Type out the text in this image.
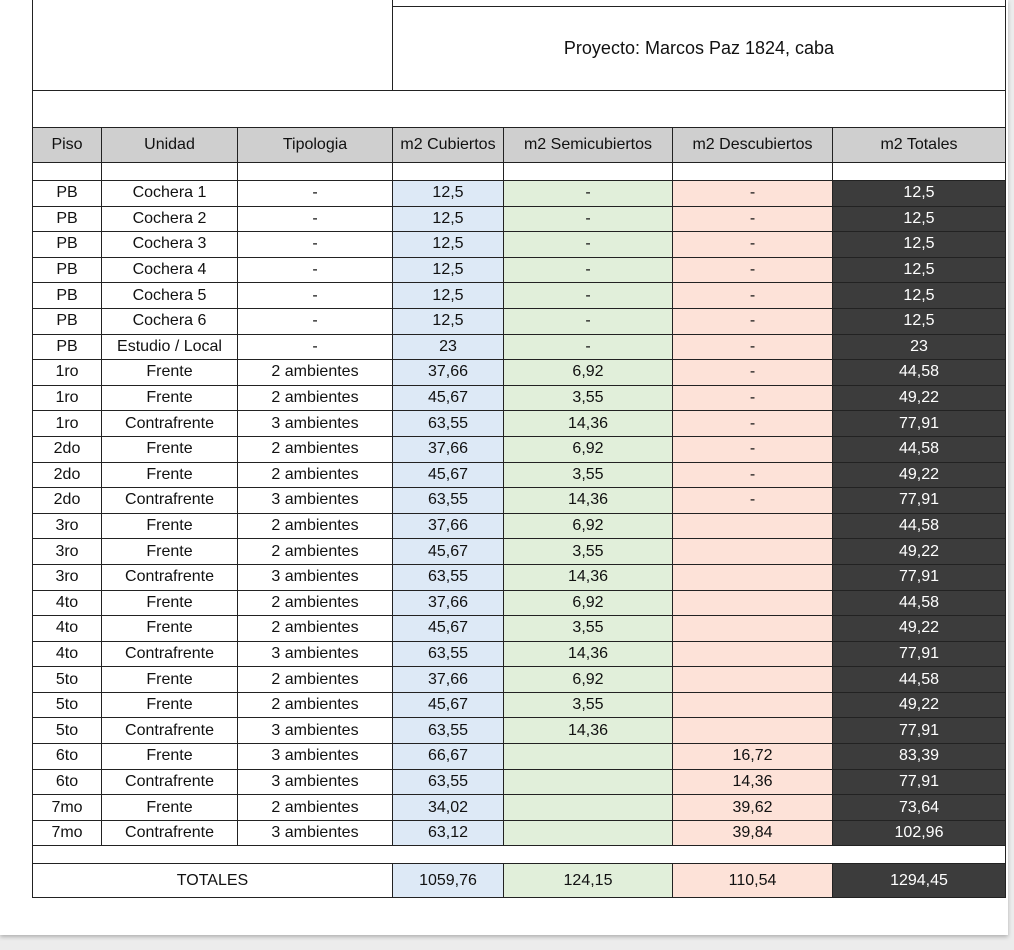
Proyecto: Marcos Paz 1824, caba
Piso	Unidad	Tipologia	m2 Cubiertos	m2 Semicubiertos	m2 Descubiertos	m2 Totales

PB	Cochera 1	-	12,5	-	-	12,5
PB	Cochera 2	-	12,5	-	-	12,5
PB	Cochera 3	-	12,5	-	-	12,5
PB	Cochera 4	-	12,5	-	-	12,5
PB	Cochera 5	-	12,5	-	-	12,5
PB	Cochera 6	-	12,5	-	-	12,5
PB	Estudio / Local	-	23	-	-	23
1ro	Frente	2 ambientes	37,66	6,92	-	44,58
1ro	Frente	2 ambientes	45,67	3,55	-	49,22
1ro	Contrafrente	3 ambientes	63,55	14,36	-	77,91
2do	Frente	2 ambientes	37,66	6,92	-	44,58
2do	Frente	2 ambientes	45,67	3,55	-	49,22
2do	Contrafrente	3 ambientes	63,55	14,36	-	77,91
3ro	Frente	2 ambientes	37,66	6,92		44,58
3ro	Frente	2 ambientes	45,67	3,55		49,22
3ro	Contrafrente	3 ambientes	63,55	14,36		77,91
4to	Frente	2 ambientes	37,66	6,92		44,58
4to	Frente	2 ambientes	45,67	3,55		49,22
4to	Contrafrente	3 ambientes	63,55	14,36		77,91
5to	Frente	2 ambientes	37,66	6,92		44,58
5to	Frente	2 ambientes	45,67	3,55		49,22
5to	Contrafrente	3 ambientes	63,55	14,36		77,91
6to	Frente	3 ambientes	66,67		16,72	83,39
6to	Contrafrente	3 ambientes	63,55		14,36	77,91
7mo	Frente	2 ambientes	34,02		39,62	73,64
7mo	Contrafrente	3 ambientes	63,12		39,84	102,96

TOTALES			1059,76	124,15	110,54	1294,45
